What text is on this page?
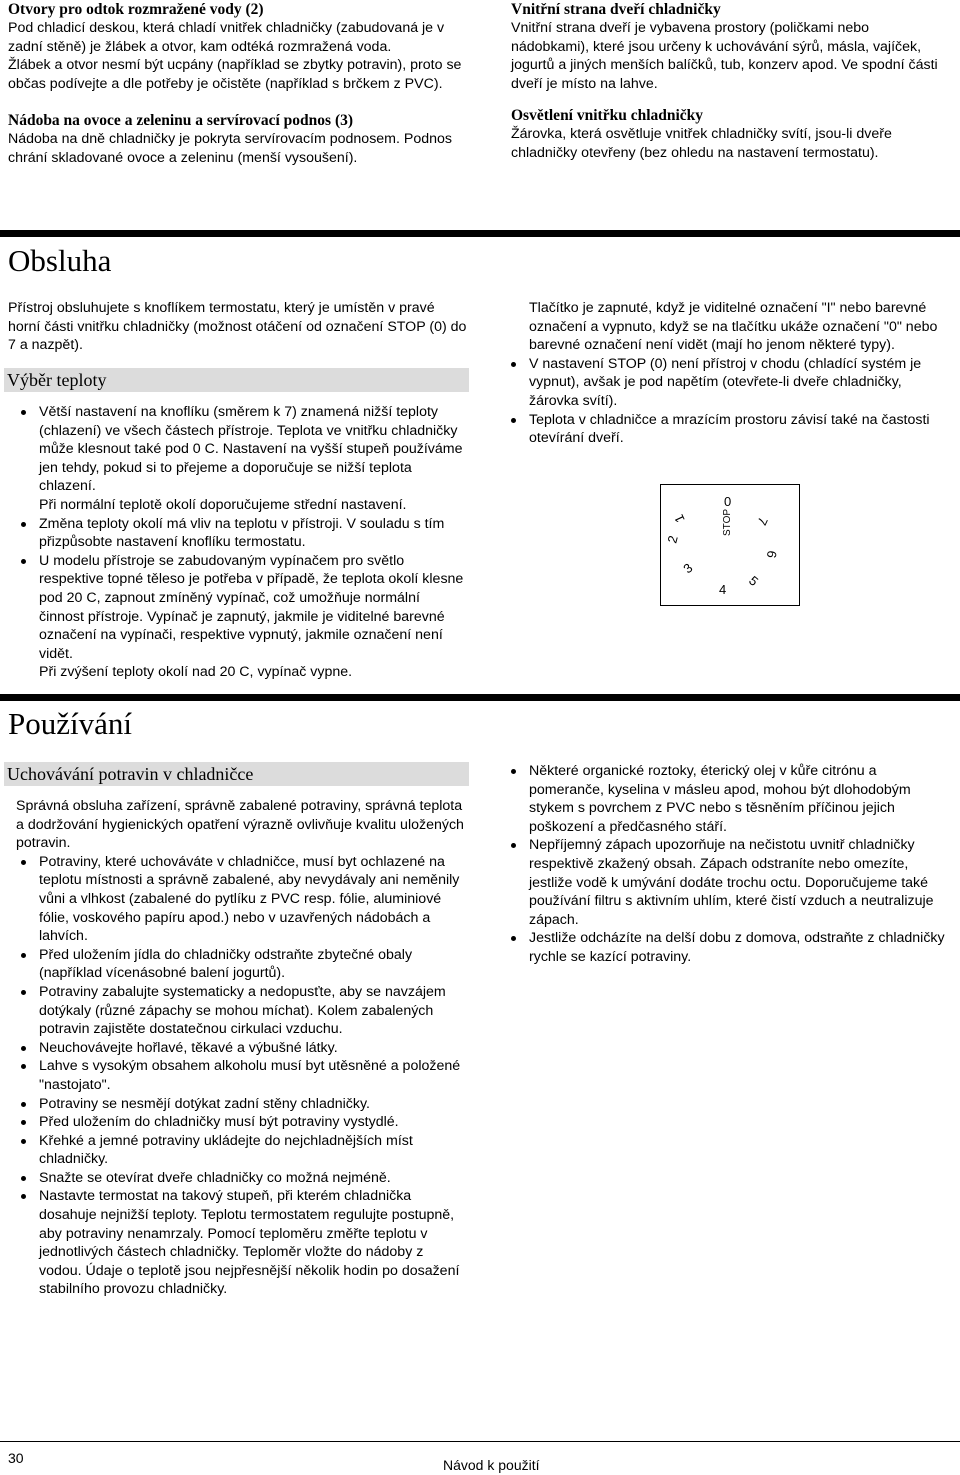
Otvory pro odtok rozmražené vody (2)

Pod chladicí deskou, která chladí vnitřek chladničky (zabudovaná je v zadní stěně) je žlábek a otvor, kam odtéká rozmražená voda.

Žlábek a otvor nesmí být ucpány (například se zbytky potravin), proto se občas podívejte a dle potřeby je očistěte (například s brčkem z PVC).

Nádoba na ovoce a zeleninu a servírovací podnos (3)

Nádoba na dně chladničky je pokryta servírovacím podnosem. Podnos chrání skladované ovoce a zeleninu (menší vysoušení).

Vnitřní strana dveří chladničky

Vnitřní strana dveří je vybavena prostory (poličkami nebo nádobkami), které jsou určeny k uchovávání sýrů, másla, vajíček, jogurtů a jiných menších balíčků, tub, konzerv apod. Ve spodní části dveří je místo na lahve.

Osvětlení vnitřku chladničky

Žárovka, která osvětluje vnitřek chladničky svítí, jsou-li dveře chladničky otevřeny (bez ohledu na nastavení termostatu).

Obsluha

Přístroj obsluhujete s knoflíkem termostatu, který je umístěn v pravé horní části vnitřku chladničky (možnost otáčení od označení STOP (0) do 7 a nazpět).

Výběr teploty
Větší nastavení na knoflíku (směrem k 7) znamená nižší teploty (chlazení) ve všech částech přístroje. Teplota ve vnitřku chladničky může klesnout také pod 0 C. Nastavení na vyšší stupeň používáme jen tehdy, pokud si to přejeme a doporučuje se nižší teplota chlazení.

Při normální teplotě okolí doporučujeme střední nastavení.

Změna teploty okolí má vliv na teplotu v přístroji. V souladu s tím přizpůsobte nastavení knoflíku termostatu.
U modelu přístroje se zabudovaným vypínačem pro světlo respektive topné těleso je potřeba v případě, že teplota okolí klesne pod 20 C, zapnout zmíněný vypínač, což umožňuje normální činnost přístroje. Vypínač je zapnutý, jakmile je viditelné barevné označení na vypínači, respektive vypnutý, jakmile označení není vidět.

Při zvýšení teploty okolí nad 20 C, vypínač vypne.

Tlačítko je zapnuté, když je viditelné označení "I" nebo barevné označení a vypnuto, když se na tlačítku ukáže označení "0" nebo barevné označení není vidět (mají ho jenom některé typy).

V nastavení STOP (0) není přístroj v chodu (chladící systém je vypnut), avšak je pod napětím (otevřete-li dveře chladničky, žárovka svítí).
Teplota v chladničce a mrazícím prostoru závisí také na častosti otevírání dveří.
0
STOP
1
2
3
4
5
6
7
Používání
Uchovávání potravin v chladničce

Správná obsluha zařízení, správně zabalené potraviny, správná teplota a dodržování hygienických opatření výrazně ovlivňuje kvalitu uložených potravin.

Potraviny, které uchováváte v chladničce, musí byt ochlazené na teplotu místnosti a správně zabalené, aby nevydávaly ani neměnily vůni a vlhkost (zabalené do pytlíku z PVC resp. fólie, aluminiové fólie, voskového papíru apod.) nebo v uzavřených nádobách a lahvích.
Před uložením jídla do chladničky odstraňte zbytečné obaly (například vícenásobné balení jogurtů).
Potraviny zabalujte systematicky a nedopusťte, aby se navzájem dotýkaly (různé zápachy se mohou míchat). Kolem zabalených potravin zajistěte dostatečnou cirkulaci vzduchu.
Neuchovávejte hořlavé, těkavé a výbušné látky.
Lahve s vysokým obsahem alkoholu musí byt utěsněné a položené "nastojato".
Potraviny se nesmějí dotýkat zadní stěny chladničky.
Před uložením do chladničky musí být potraviny vystydlé.
Křehké a jemné potraviny ukládejte do nejchladnějších míst chladničky.
Snažte se otevírat dveře chladničky co možná nejméně.
Nastavte termostat na takový stupeň, při kterém chladnička dosahuje nejnižší teploty. Teplotu termostatem regulujte postupně, aby potraviny nenamrzaly. Pomocí teploměru změřte teplotu v jednotlivých částech chladničky. Teploměr vložte do nádoby z vodou. Údaje o teplotě jsou nejpřesnější několik hodin po dosažení stabilního provozu chladničky.
Některé organické roztoky, éterický olej v kůře citrónu a pomeranče, kyselina v másleu apod, mohou být dlohodobým stykem s povrchem z PVC nebo s těsněním příčinou jejich poškození a předčasného stáří.
Nepříjemný zápach upozorňuje na nečistotu uvnitř chladničky respektivě zkažený obsah. Zápach odstraníte nebo omezíte, jestliže vodě k umývání dodáte trochu octu. Doporučujeme také používání filtru s aktivním uhlím, které čistí vzduch a neutralizuje zápach.
Jestliže odcházíte na delší dobu z domova, odstraňte z chladničky rychle se kazící potraviny.
30	Návod k použití
